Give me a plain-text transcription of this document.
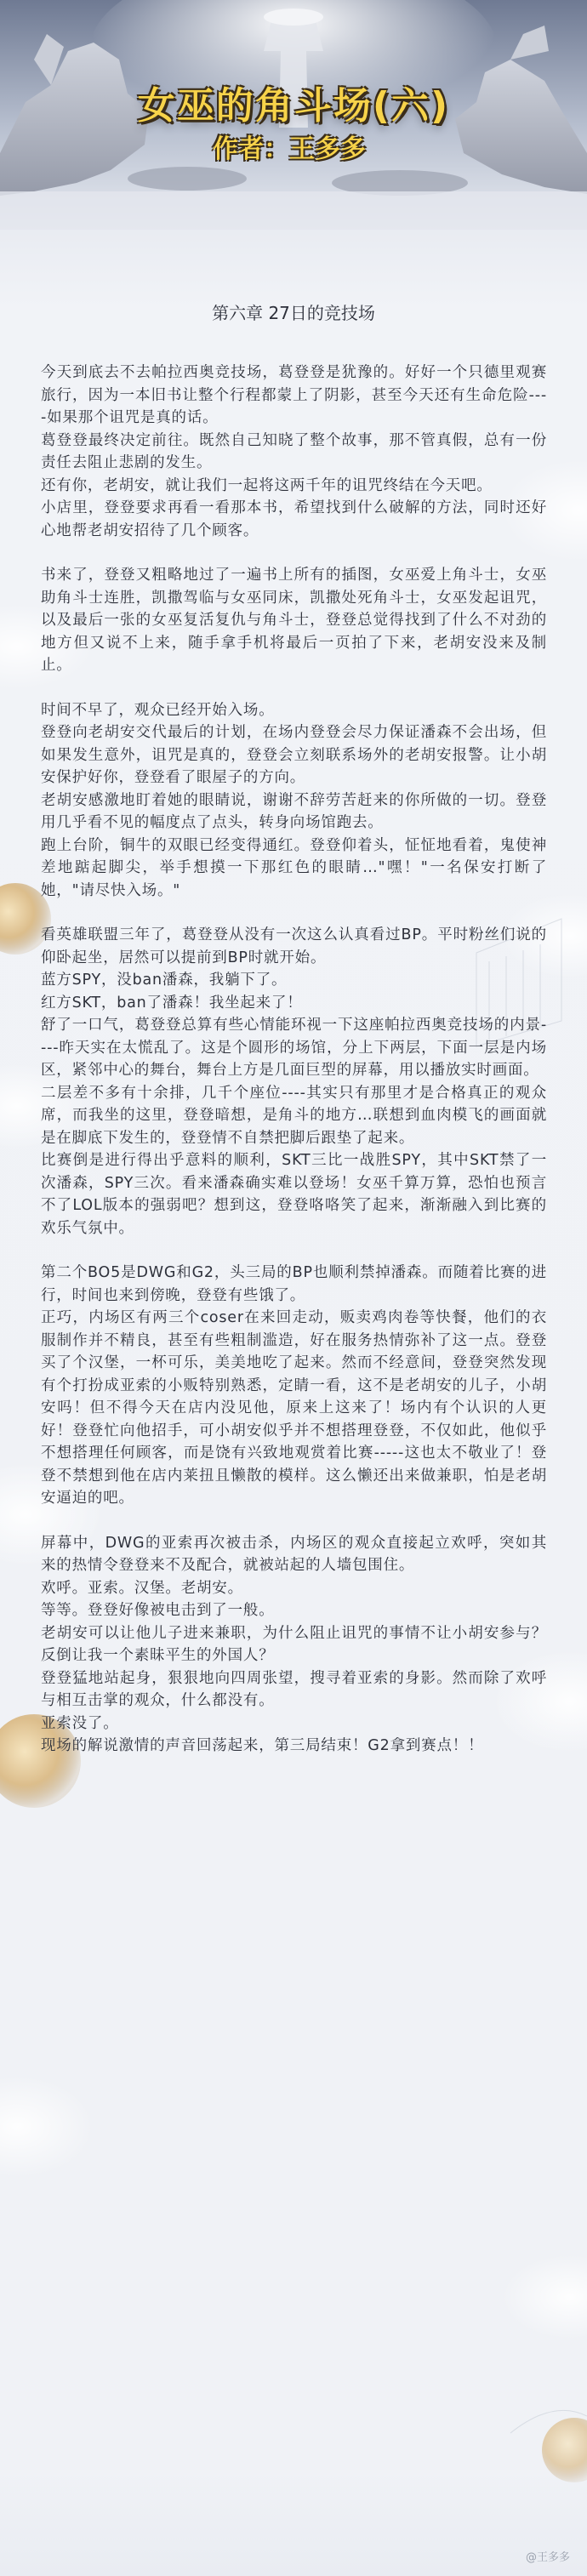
女巫的角斗场(六)
作者：王多多
第六章 27日的竞技场

今天到底去不去帕拉西奥竞技场，葛登登是犹豫的。好好一个只德里观赛旅行，因为一本旧书让整个行程都蒙上了阴影，甚至今天还有生命危险----如果那个诅咒是真的话。

葛登登最终决定前往。既然自己知晓了整个故事，那不管真假，总有一份责任去阻止悲剧的发生。

还有你，老胡安，就让我们一起将这两千年的诅咒终结在今天吧。

小店里，登登要求再看一看那本书，希望找到什么破解的方法，同时还好心地帮老胡安招待了几个顾客。

书来了，登登又粗略地过了一遍书上所有的插图，女巫爱上角斗士，女巫助角斗士连胜，凯撒驾临与女巫同床，凯撒处死角斗士，女巫发起诅咒，以及最后一张的女巫复活复仇与角斗士，登登总觉得找到了什么不对劲的地方但又说不上来，随手拿手机将最后一页拍了下来，老胡安没来及制止。

时间不早了，观众已经开始入场。

登登向老胡安交代最后的计划，在场内登登会尽力保证潘森不会出场，但如果发生意外，诅咒是真的，登登会立刻联系场外的老胡安报警。让小胡安保护好你，登登看了眼屋子的方向。

老胡安感激地盯着她的眼睛说，谢谢不辞劳苦赶来的你所做的一切。登登用几乎看不见的幅度点了点头，转身向场馆跑去。

跑上台阶，铜牛的双眼已经变得通红。登登仰着头，怔怔地看着，鬼使神差地踮起脚尖，举手想摸一下那红色的眼睛…"嘿！"一名保安打断了她，"请尽快入场。"

看英雄联盟三年了，葛登登从没有一次这么认真看过BP。平时粉丝们说的仰卧起坐，居然可以提前到BP时就开始。

蓝方SPY，没ban潘森，我躺下了。

红方SKT，ban了潘森！我坐起来了！

舒了一口气，葛登登总算有些心情能环视一下这座帕拉西奥竞技场的内景----昨天实在太慌乱了。这是个圆形的场馆，分上下两层，下面一层是内场区，紧邻中心的舞台，舞台上方是几面巨型的屏幕，用以播放实时画面。

二层差不多有十余排，几千个座位----其实只有那里才是合格真正的观众席，而我坐的这里，登登暗想，是角斗的地方…联想到血肉模飞的画面就是在脚底下发生的，登登情不自禁把脚后跟垫了起来。

比赛倒是进行得出乎意料的顺利，SKT三比一战胜SPY，其中SKT禁了一次潘森，SPY三次。看来潘森确实难以登场！女巫千算万算，恐怕也预言不了LOL版本的强弱吧？想到这，登登咯咯笑了起来，渐渐融入到比赛的欢乐气氛中。

第二个BO5是DWG和G2，头三局的BP也顺利禁掉潘森。而随着比赛的进行，时间也来到傍晚，登登有些饿了。

正巧，内场区有两三个coser在来回走动，贩卖鸡肉卷等快餐，他们的衣服制作并不精良，甚至有些粗制滥造，好在服务热情弥补了这一点。登登买了个汉堡，一杯可乐，美美地吃了起来。然而不经意间，登登突然发现有个打扮成亚索的小贩特别熟悉，定睛一看，这不是老胡安的儿子，小胡安吗！但不得今天在店内没见他，原来上这来了！场内有个认识的人更好！登登忙向他招手，可小胡安似乎并不想搭理登登，不仅如此，他似乎不想搭理任何顾客，而是饶有兴致地观赏着比赛-----这也太不敬业了！登登不禁想到他在店内莱扭且懒散的模样。这么懒还出来做兼职，怕是老胡安逼迫的吧。

屏幕中，DWG的亚索再次被击杀，内场区的观众直接起立欢呼，突如其来的热情令登登来不及配合，就被站起的人墙包围住。

欢呼。亚索。汉堡。老胡安。

等等。登登好像被电击到了一般。

老胡安可以让他儿子进来兼职，为什么阻止诅咒的事情不让小胡安参与？反倒让我一个素昧平生的外国人？

登登猛地站起身，狠狠地向四周张望，搜寻着亚索的身影。然而除了欢呼与相互击掌的观众，什么都没有。

亚索没了。

现场的解说激情的声音回荡起来，第三局结束！G2拿到赛点！！

@王多多
